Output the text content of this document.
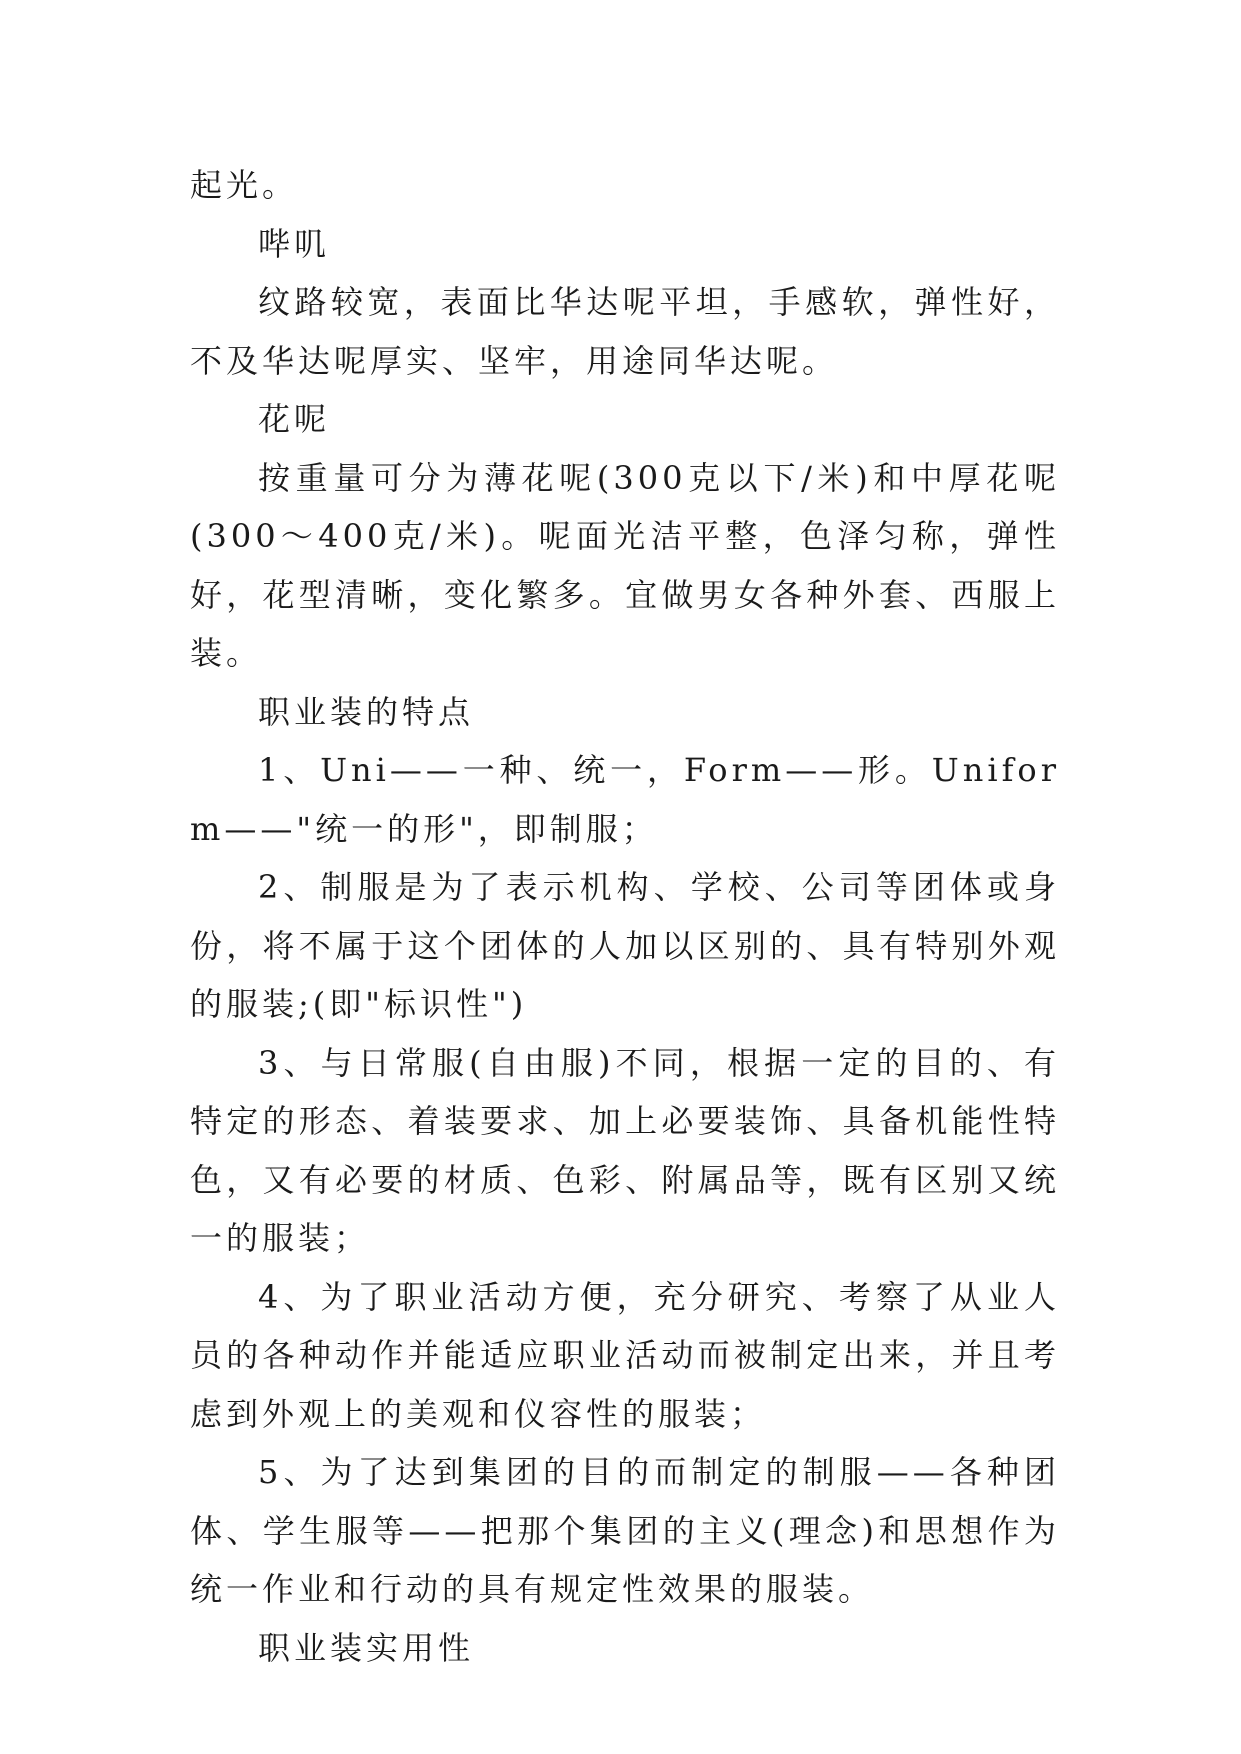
起光。

哔叽

纹路较宽，表面比华达呢平坦，手感软，弹性好，不及华达呢厚实、坚牢，用途同华达呢。

花呢

按重量可分为薄花呢(300克以下/米)和中厚花呢(300～400克/米)。呢面光洁平整，色泽匀称，弹性好，花型清晰，变化繁多。宜做男女各种外套、西服上装。

职业装的特点

1、Uni——一种、统一，Form——形。Uniform——"统一的形"，即制服；

2、制服是为了表示机构、学校、公司等团体或身份，将不属于这个团体的人加以区别的、具有特别外观的服装;(即"标识性")

3、与日常服(自由服)不同，根据一定的目的、有特定的形态、着装要求、加上必要装饰、具备机能性特色，又有必要的材质、色彩、附属品等，既有区别又统一的服装；

4、为了职业活动方便，充分研究、考察了从业人员的各种动作并能适应职业活动而被制定出来，并且考虑到外观上的美观和仪容性的服装；

5、为了达到集团的目的而制定的制服——各种团体、学生服等——把那个集团的主义(理念)和思想作为统一作业和行动的具有规定性效果的服装。

职业装实用性
